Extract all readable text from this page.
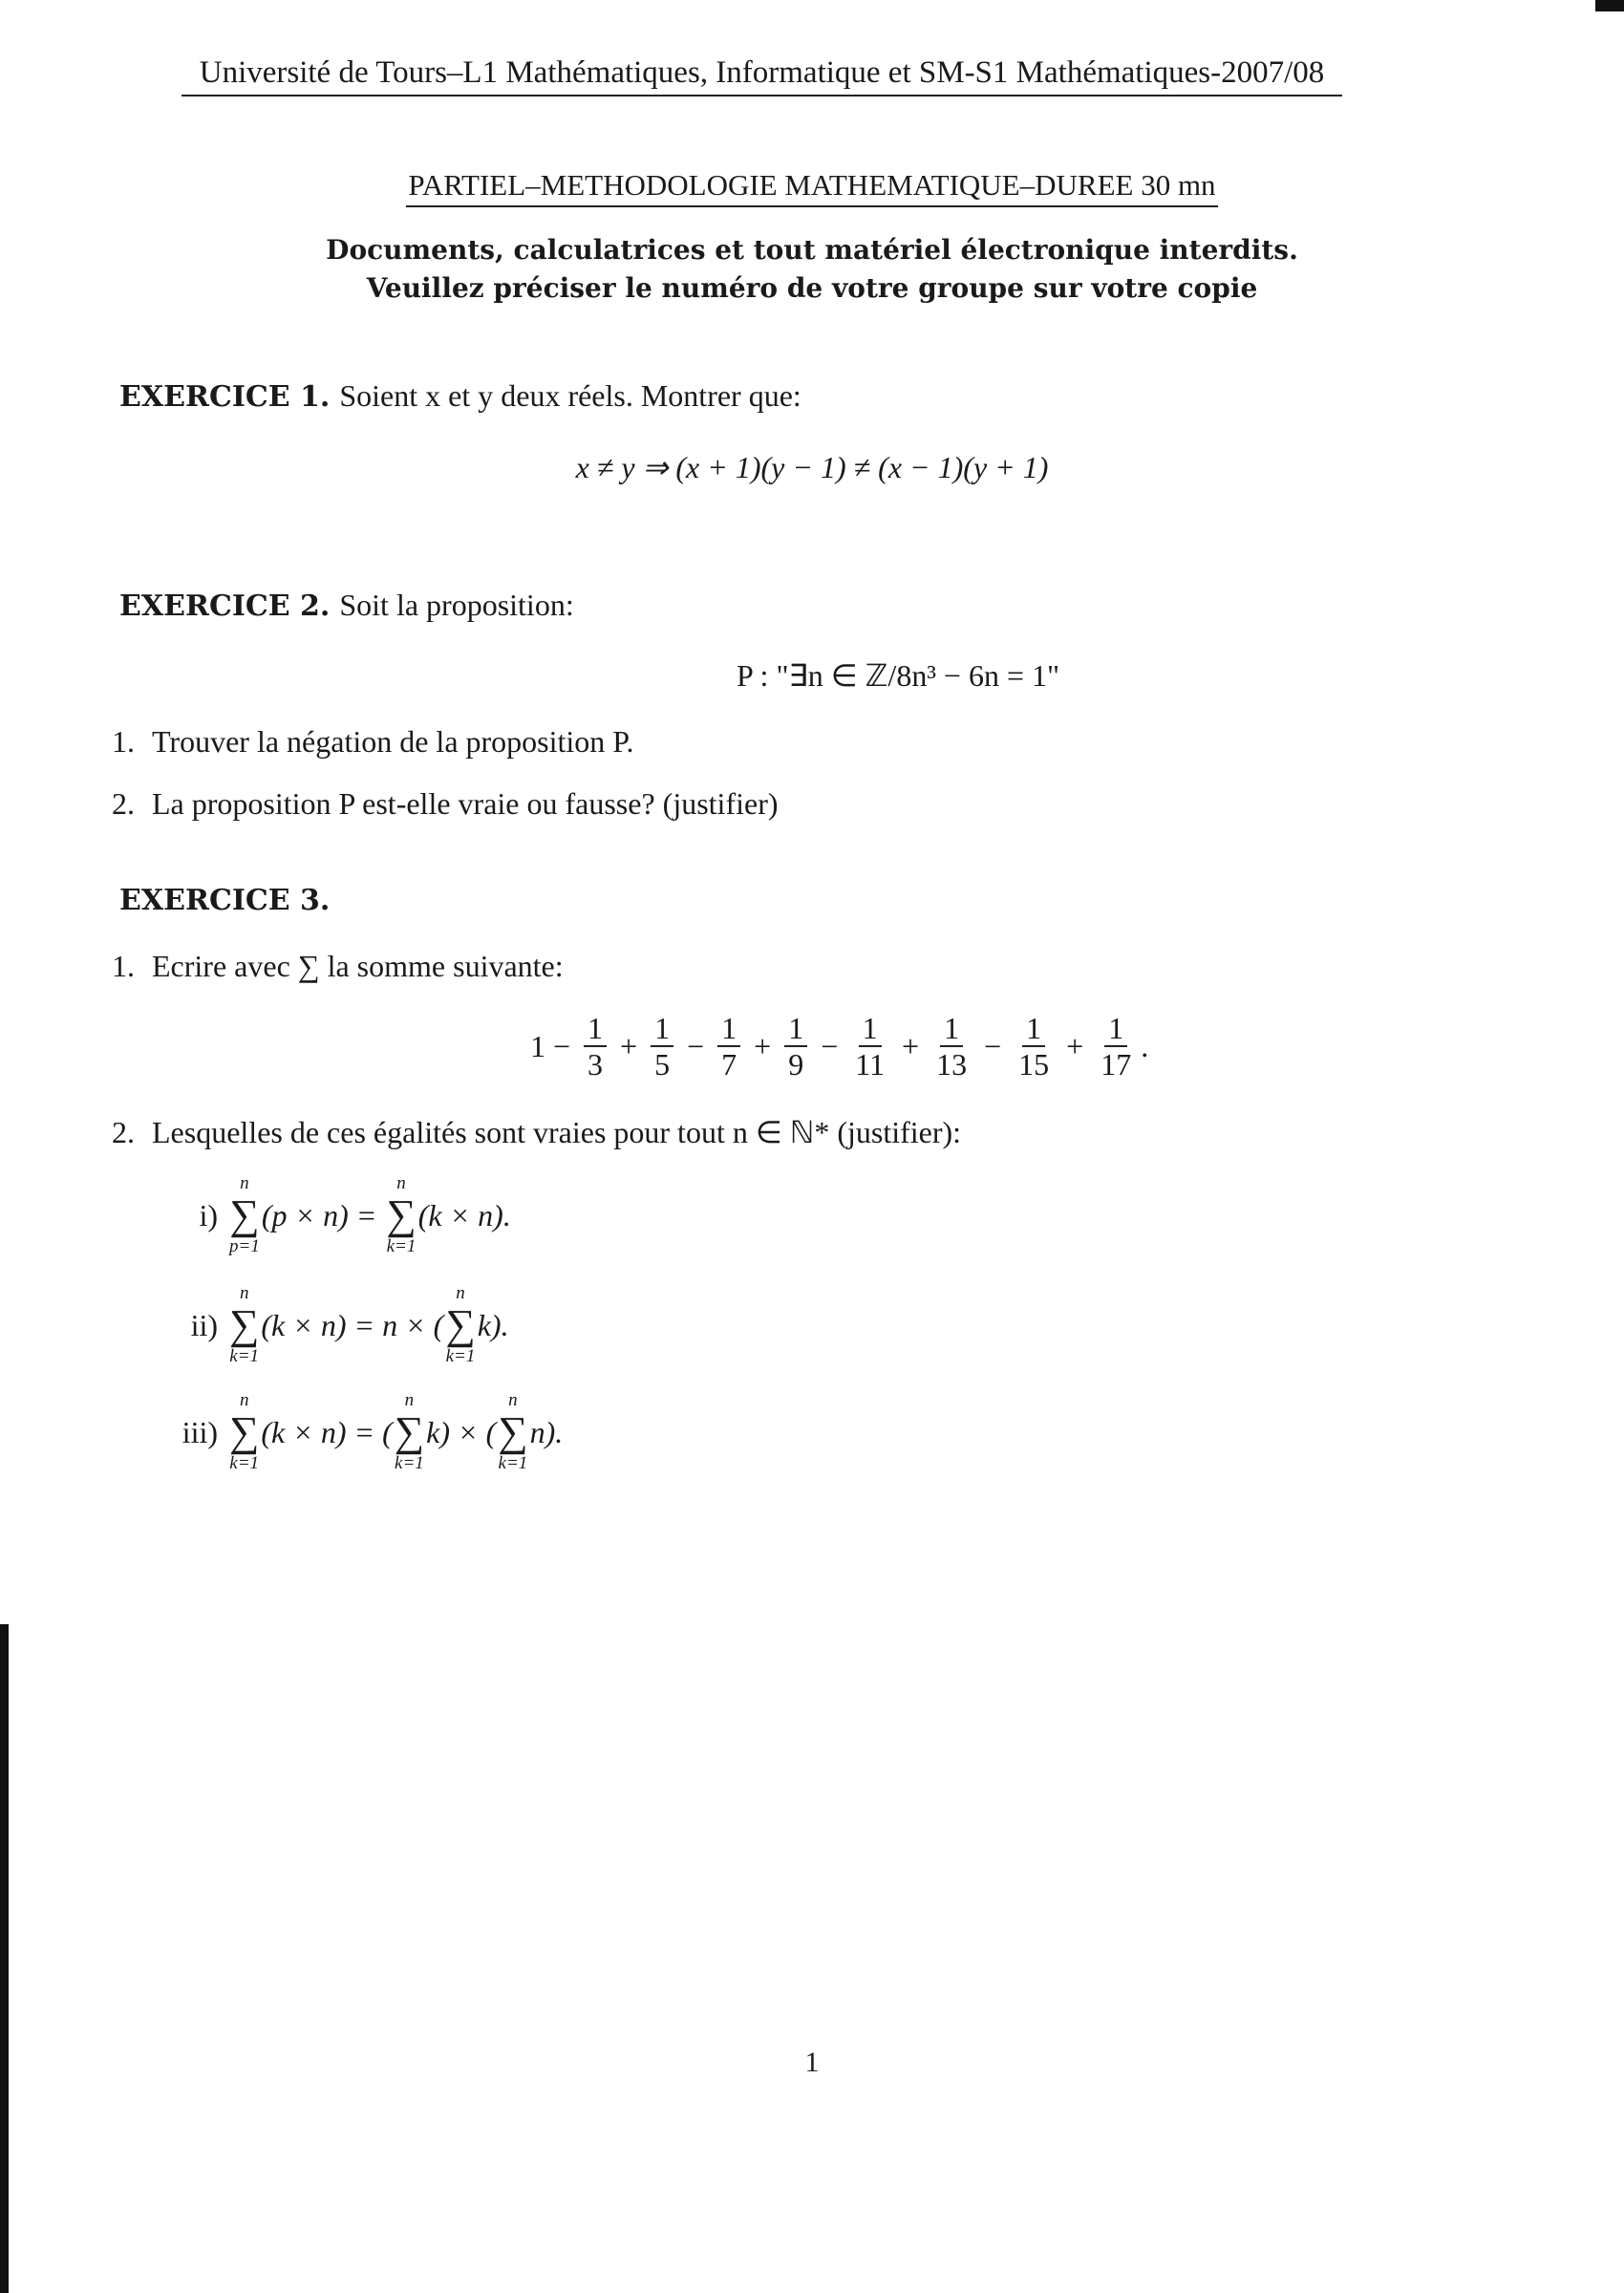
Université de Tours–L1 Mathématiques, Informatique et SM-S1 Mathématiques-2007/08
PARTIEL–METHODOLOGIE MATHEMATIQUE–DUREE 30 mn
Documents, calculatrices et tout matériel électronique interdits.
Veuillez préciser le numéro de votre groupe sur votre copie
EXERCICE 1. Soient x et y deux réels. Montrer que:
x ≠ y ⇒ (x + 1)(y − 1) ≠ (x − 1)(y + 1)
EXERCICE 2. Soit la proposition:
P : "∃n ∈ ℤ/8n³ − 6n = 1"
1. Trouver la négation de la proposition P.
2. La proposition P est-elle vraie ou fausse? (justifier)
EXERCICE 3.
1. Ecrire avec ∑ la somme suivante:
$1 - \frac{1}{3} + \frac{1}{5} - \frac{1}{7} + \frac{1}{9} - \frac{1}{11} + \frac{1}{13} - \frac{1}{15} + \frac{1}{17}$ .
2. Lesquelles de ces égalités sont vraies pour tout n ∈ ℕ* (justifier):
i)
n
∑
p=1
(p × n) =
n
∑
k=1
(k × n).
ii)
n
∑
k=1
(k × n) = n × (
n
∑
k=1
k).
iii)
n
∑
k=1
(k × n) = (
n
∑
k=1
k) × (
n
∑
k=1
n).
1
